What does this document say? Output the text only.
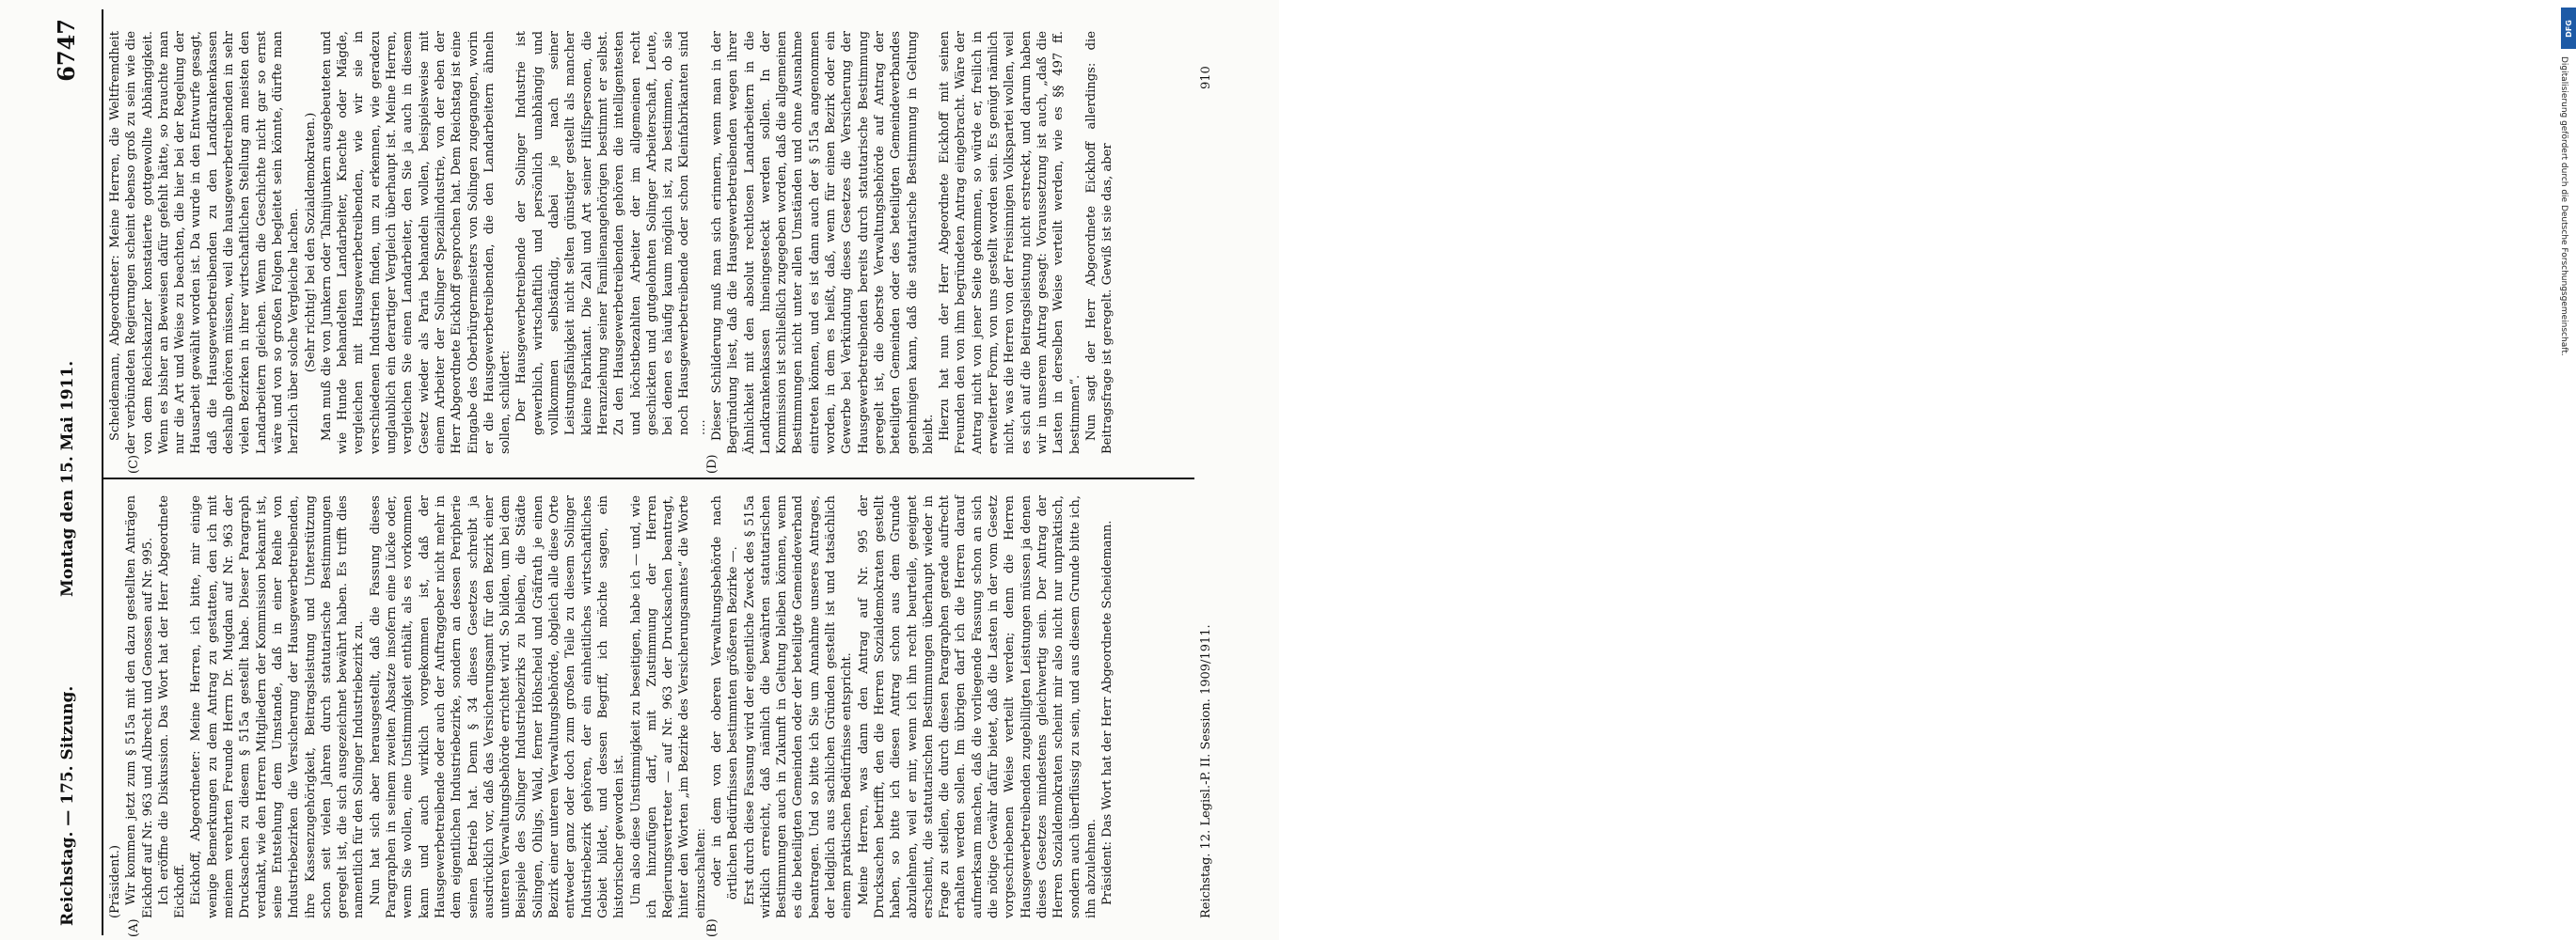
Reichstag. — 175. Sitzung.
Montag den 15. Mai 1911.
6747

(Präsident.) Wir kommen jetzt zum § 515a mit den dazu gestellten Anträgen Eickhoff auf Nr. 963 und Albrecht und Genossen auf Nr. 995. Ich eröffne die Diskussion. Das Wort hat der Herr Abgeordnete Eickhoff. Eickhoff, Abgeordneter: Meine Herren, ich bitte, mir einige wenige Bemerkungen zu dem Antrag zu gestatten, den ich mit meinem verehrten Freunde Herrn Dr. Mugdan auf Nr. 963 der Drucksachen zu diesem § 515a gestellt habe. Dieser Paragraph verdankt, wie den Herren Mitgliedern der Kommission bekannt ist, seine Entstehung dem Umstande, daß in einer Reihe von Industriebezirken die Versicherung der Hausgewerbetreibenden, ihre Kassenzugehörigkeit, Beitragsleistung und Unterstützung schon seit vielen Jahren durch statutarische Bestimmungen geregelt ist, die sich ausgezeichnet bewährt haben. Es trifft dies namentlich für den Solinger Industriebezirk zu. Nun hat sich aber herausgestellt, daß die Fassung dieses Paragraphen in seinem zweiten Absatze insofern eine Lücke oder, wenn Sie wollen, eine Unstimmigkeit enthält, als es vorkommen kann und auch wirklich vorgekommen ist, daß der Hausgewerbetreibende oder auch der Auftraggeber nicht mehr in dem eigentlichen Industriebezirke, sondern an dessen Peripherie seinen Betrieb hat. Denn § 34 dieses Gesetzes schreibt ja ausdrücklich vor, daß das Versicherungsamt für den Bezirk einer unteren Verwaltungsbehörde errichtet wird. So bilden, um bei dem Beispiele des Solinger Industriebezirks zu bleiben, die Städte Solingen, Ohligs, Wald, ferner Höhscheid und Gräfrath je einen Bezirk einer unteren Verwaltungsbehörde, obgleich alle diese Orte entweder ganz oder doch zum großen Teile zu diesem Solinger Industriebezirk gehören, der ein einheitliches wirtschaftliches Gebiet bildet, und dessen Begriff, ich möchte sagen, ein historischer geworden ist. Um also diese Unstimmigkeit zu beseitigen, habe ich — und, wie ich hinzufügen darf, mit Zustimmung der Herren Regierungsvertreter — auf Nr. 963 der Drucksachen beantragt, hinter den Worten „im Bezirke des Versicherungsamtes“ die Worte einzuschalten: oder in dem von der oberen Verwaltungsbehörde nach örtlichen Bedürfnissen bestimmten größeren Bezirke —. Erst durch diese Fassung wird der eigentliche Zweck des § 515a wirklich erreicht, daß nämlich die bewährten statutarischen Bestimmungen auch in Zukunft in Geltung bleiben können, wenn es die beteiligten Gemeinden oder der beteiligte Gemeindeverband beantragen. Und so bitte ich Sie um Annahme unseres Antrages, der lediglich aus sachlichen Gründen gestellt ist und tatsächlich einem praktischen Bedürfnisse entspricht. Meine Herren, was dann den Antrag auf Nr. 995 der Drucksachen betrifft, den die Herren Sozialdemokraten gestellt haben, so bitte ich diesen Antrag schon aus dem Grunde abzulehnen, weil er mir, wenn ich ihn recht beurteile, geeignet erscheint, die statutarischen Bestimmungen überhaupt wieder in Frage zu stellen, die durch diesen Paragraphen gerade aufrecht erhalten werden sollen. Im übrigen darf ich die Herren darauf aufmerksam machen, daß die vorliegende Fassung schon an sich die nötige Gewähr dafür bietet, daß die Lasten in der vom Gesetz vorgeschriebenen Weise verteilt werden; denn die Herren Hausgewerbetreibenden zugebilligten Leistungen müssen ja denen dieses Gesetzes mindestens gleichwertig sein. Der Antrag der Herren Sozialdemokraten scheint mir also nicht nur unpraktisch, sondern auch überflüssig zu sein, und aus diesem Grunde bitte ich, ihn abzulehnen. Präsident: Das Wort hat der Herr Abgeordnete Scheidemann.

Scheidemann, Abgeordneter: Meine Herren, die Weltfremdheit der verbündeten Regierungen scheint ebenso groß zu sein wie die von dem Reichskanzler konstatierte gottgewollte Abhängigkeit. Wenn es bisher an Beweisen dafür gefehlt hätte, so brauchte man nur die Art und Weise zu beachten, die hier bei der Regelung der Hausarbeit gewählt worden ist. Da wurde in den Entwurfe gesagt, daß die Hausgewerbetreibenden zu den Landkrankenkassen deshalb gehören müssen, weil die hausgewerbetreibenden in sehr vielen Bezirken in ihrer wirtschaftlichen Stellung am meisten den Landarbeitern gleichen. Wenn die Geschichte nicht gar so ernst wäre und von so großen Folgen begleitet sein könnte, dürfte man herzlich über solche Vergleiche lachen. (Sehr richtig! bei den Sozialdemokraten.) Man muß die von Junkern oder Talmijunkern ausgebeuteten und wie Hunde behandelten Landarbeiter, Knechte oder Mägde, vergleichen mit Hausgewerbetreibenden, wie wir sie in verschiedenen Industrien finden, um zu erkennen, wie geradezu unglaublich ein derartiger Vergleich überhaupt ist. Meine Herren, vergleichen Sie einen Landarbeiter, den Sie ja auch in diesem Gesetz wieder als Paria behandeln wollen, beispielsweise mit einem Arbeiter der Solinger Spezialindustrie, von der eben der Herr Abgeordnete Eickhoff gesprochen hat. Dem Reichstag ist eine Eingabe des Oberbürgermeisters von Solingen zugegangen, worin er die Hausgewerbetreibenden, die den Landarbeitern ähneln sollen, schildert: Der Hausgewerbetreibende der Solinger Industrie ist gewerblich, wirtschaftlich und persönlich unabhängig und vollkommen selbständig, dabei je nach seiner Leistungsfähigkeit nicht selten günstiger gestellt als mancher kleine Fabrikant. Die Zahl und Art seiner Hilfspersonen, die Heranziehung seiner Familienangehörigen bestimmt er selbst. Zu den Hausgewerbetreibenden gehören die intelligentesten und höchstbezahlten Arbeiter der im allgemeinen recht geschickten und gutgelohnten Solinger Arbeiterschaft, Leute, bei denen es häufig kaum möglich ist, zu bestimmen, ob sie noch Hausgewerbetreibende oder schon Kleinfabrikanten sind .... Dieser Schilderung muß man sich erinnern, wenn man in der Begründung liest, daß die Hausgewerbetreibenden wegen ihrer Ähnlichkeit mit den absolut rechtlosen Landarbeitern in die Landkrankenkassen hineingesteckt werden sollen. In der Kommission ist schließlich zugegeben worden, daß die allgemeinen Bestimmungen nicht unter allen Umständen und ohne Ausnahme eintreten können, und es ist dann auch der § 515a angenommen worden, in dem es heißt, daß, wenn für einen Bezirk oder ein Gewerbe bei Verkündung dieses Gesetzes die Versicherung der Hausgewerbetreibenden bereits durch statutarische Bestimmung geregelt ist, die oberste Verwaltungsbehörde auf Antrag der beteiligten Gemeinden oder des beteiligten Gemeindeverbandes genehmigen kann, daß die statutarische Bestimmung in Geltung bleibt. Hierzu hat nun der Herr Abgeordnete Eickhoff mit seinen Freunden den von ihm begründeten Antrag eingebracht. Wäre der Antrag nicht von jener Seite gekommen, so würde er, freilich in erweiterter Form, von uns gestellt worden sein. Es genügt nämlich nicht, was die Herren von der Freisinnigen Volkspartei wollen, weil es sich auf die Beitragsleistung nicht erstreckt, und darum haben wir in unserem Antrag gesagt: Voraussetzung ist auch, „daß die Lasten in derselben Weise verteilt werden, wie es §§ 497 ff. bestimmen“. Nun sagt der Herr Abgeordnete Eickhoff allerdings: die Beitragsfrage ist geregelt. Gewiß ist sie das, aber

(A)	(B)
(C)	(D)
Reichstag. 12. Legisl.-P. II. Session. 1909/1911.
910
DFG
Digitalisierung gefördert durch die Deutsche Forschungsgemeinschaft.
